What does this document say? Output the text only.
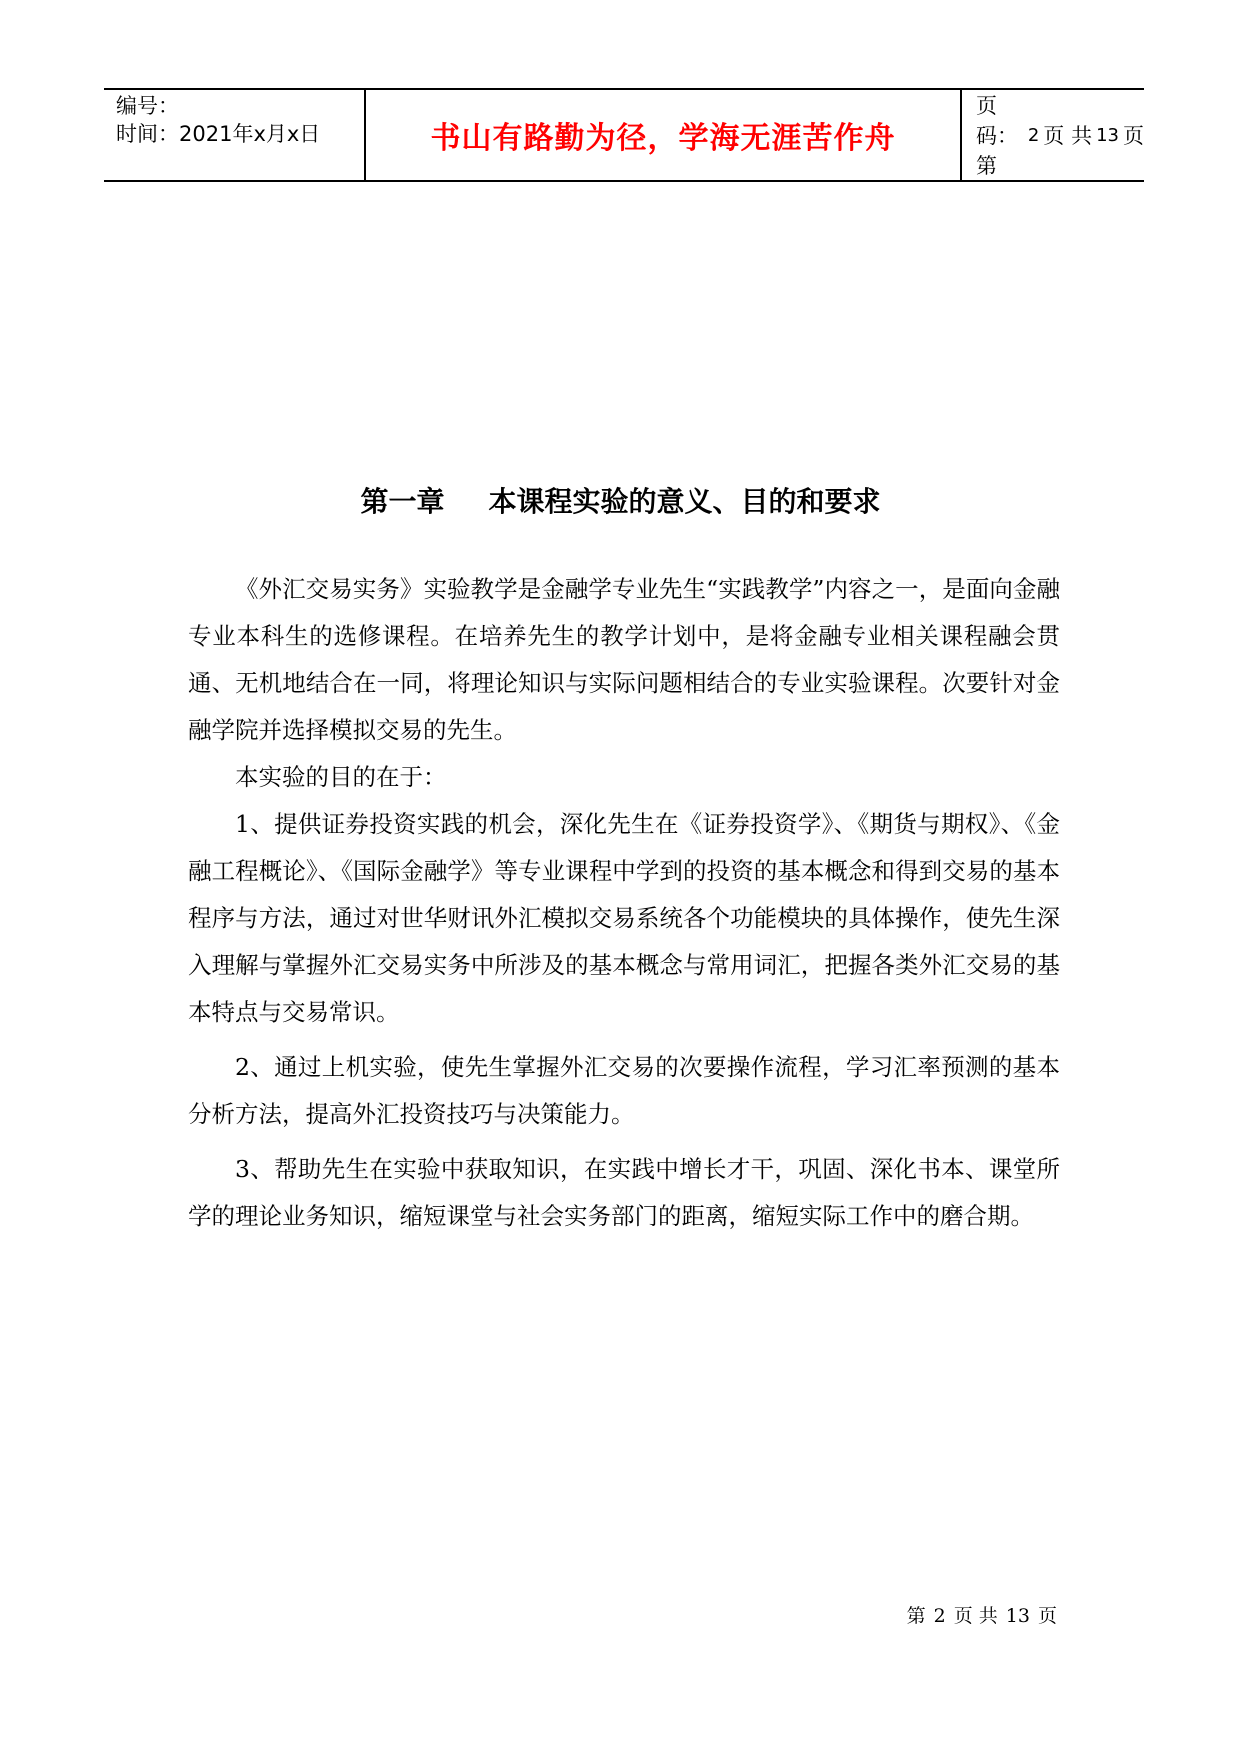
编号：
时间：2021年x月x日	书山有路勤为径，学海无涯苦作舟
页码：第
2 页 共 13 页
第一章 本课程实验的意义、目的和要求

《外汇交易实务》实验教学是金融学专业先生“实践教学”内容之一，是面向金融专业本科生的选修课程。在培养先生的教学计划中，是将金融专业相关课程融会贯通、无机地结合在一同，将理论知识与实际问题相结合的专业实验课程。次要针对金融学院并选择模拟交易的先生。

本实验的目的在于：

1、提供证券投资实践的机会，深化先生在《证券投资学》、《期货与期权》、《金融工程概论》、《国际金融学》等专业课程中学到的投资的基本概念和得到交易的基本程序与方法，通过对世华财讯外汇模拟交易系统各个功能模块的具体操作，使先生深入理解与掌握外汇交易实务中所涉及的基本概念与常用词汇，把握各类外汇交易的基本特点与交易常识。

2、通过上机实验，使先生掌握外汇交易的次要操作流程，学习汇率预测的基本分析方法，提高外汇投资技巧与决策能力。

3、帮助先生在实验中获取知识，在实践中增长才干，巩固、深化书本、课堂所学的理论业务知识，缩短课堂与社会实务部门的距离，缩短实际工作中的磨合期。

第 2 页 共 13 页
